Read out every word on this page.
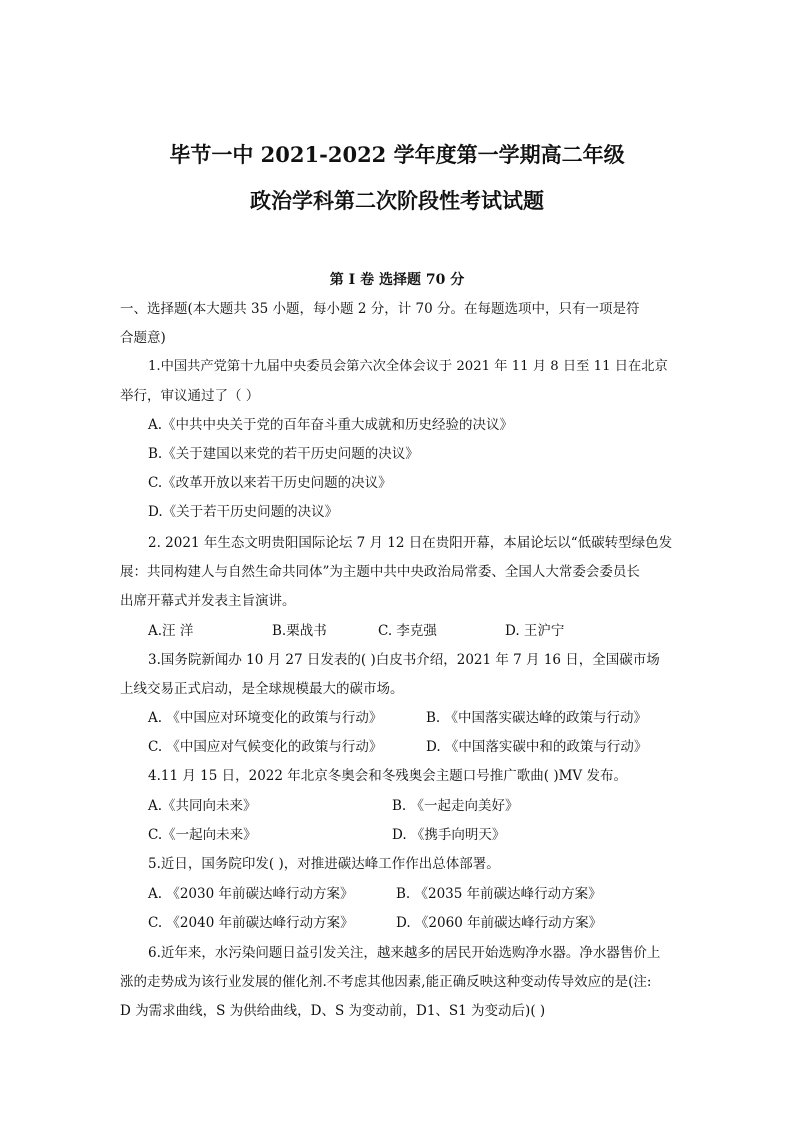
毕节一中 2021-2022 学年度第一学期高二年级
政治学科第二次阶段性考试试题
第 I 卷 选择题 70 分
一、选择题(本大题共 35 小题，每小题 2 分，计 70 分。在每题选项中，只有一项是符
合题意)
1.中国共产党第十九届中央委员会第六次全体会议于 2021 年 11 月 8 日至 11 日在北京
举行，审议通过了（ ）
A.《中共中央关于党的百年奋斗重大成就和历史经验的决议》
B.《关于建国以来党的若干历史问题的决议》
C.《改革开放以来若干历史问题的决议》
D.《关于若干历史问题的决议》
2. 2021 年生态文明贵阳国际论坛 7 月 12 日在贵阳开幕，本届论坛以“低碳转型绿色发
展：共同构建人与自然生命共同体”为主题中共中央政治局常委、全国人大常委会委员长
出席开幕式并发表主旨演讲。
A.汪 洋	B.栗战书	C. 李克强	D. 王沪宁
3.国务院新闻办 10 月 27 日发表的( )白皮书介绍，2021 年 7 月 16 日，全国碳市场
上线交易正式启动，是全球规模最大的碳市场。
A. 《中国应对环境变化的政策与行动》	B. 《中国落实碳达峰的政策与行动》
C. 《中国应对气候变化的政策与行动》	D. 《中国落实碳中和的政策与行动》
4.11 月 15 日，2022 年北京冬奥会和冬残奥会主题口号推广歌曲( )MV 发布。
A.《共同向未来》	B. 《一起走向美好》
C.《一起向未来》	D. 《携手向明天》
5.近日，国务院印发( )，对推进碳达峰工作作出总体部署。
A. 《2030 年前碳达峰行动方案》	B. 《2035 年前碳达峰行动方案》
C. 《2040 年前碳达峰行动方案》	D. 《2060 年前碳达峰行动方案》
6.近年来，水污染问题日益引发关注，越来越多的居民开始选购净水器。净水器售价上
涨的走势成为该行业发展的催化剂.不考虑其他因素,能正确反映这种变动传导效应的是(注:
D 为需求曲线，S 为供给曲线，D、S 为变动前，D1、S1 为变动后)( )
